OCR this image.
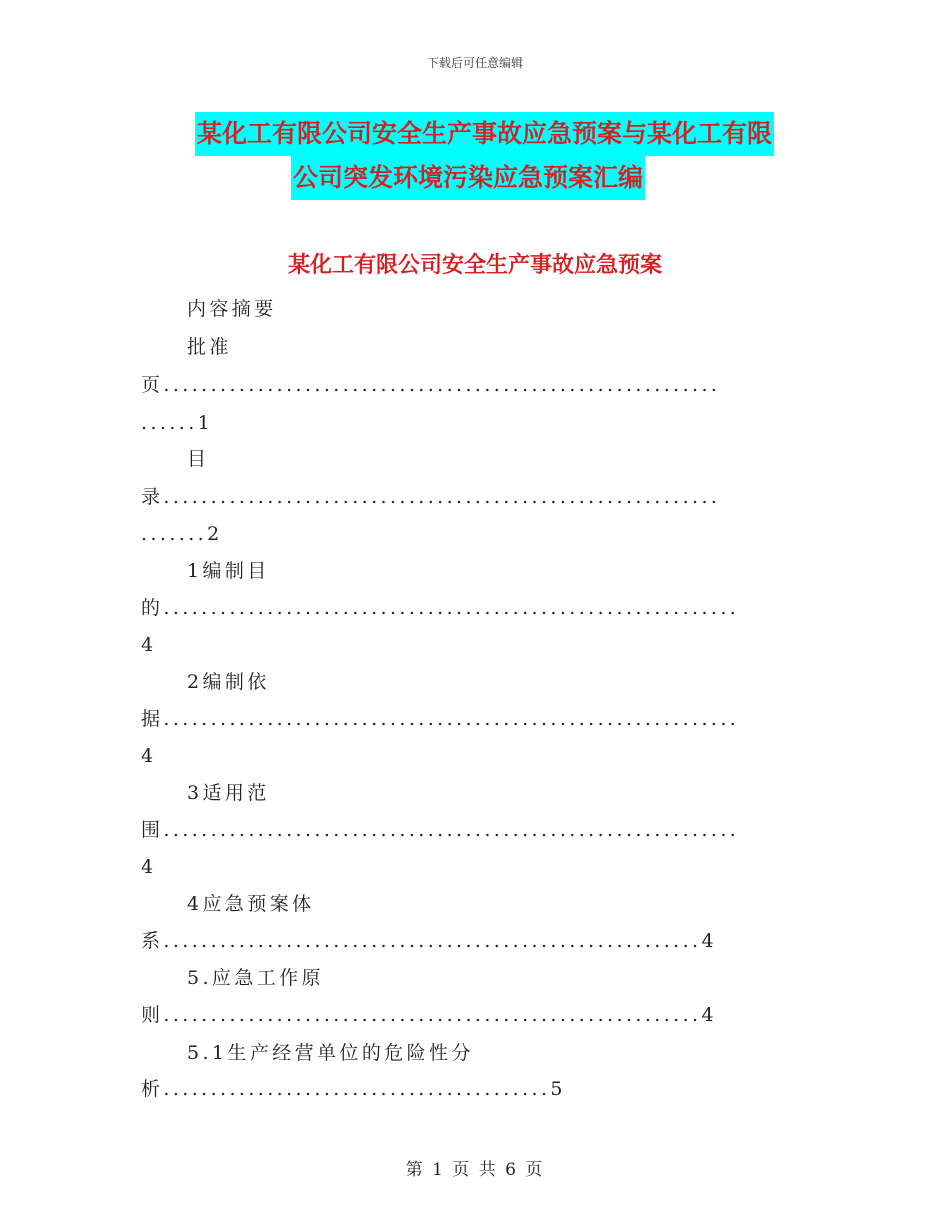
下载后可任意编辑
某化工有限公司安全生产事故应急预案与某化工有限
公司突发环境污染应急预案汇编
某化工有限公司安全生产事故应急预案
内容摘要
批准
页...........................................................
......1
目
录...........................................................
.......2
1编制目
的.............................................................
4
2编制依
据.............................................................
4
3适用范
围.............................................................
4
4应急预案体
系.........................................................4
5.应急工作原
则.........................................................4
5.1生产经营单位的危险性分
析.........................................5
第 1 页 共 6 页
